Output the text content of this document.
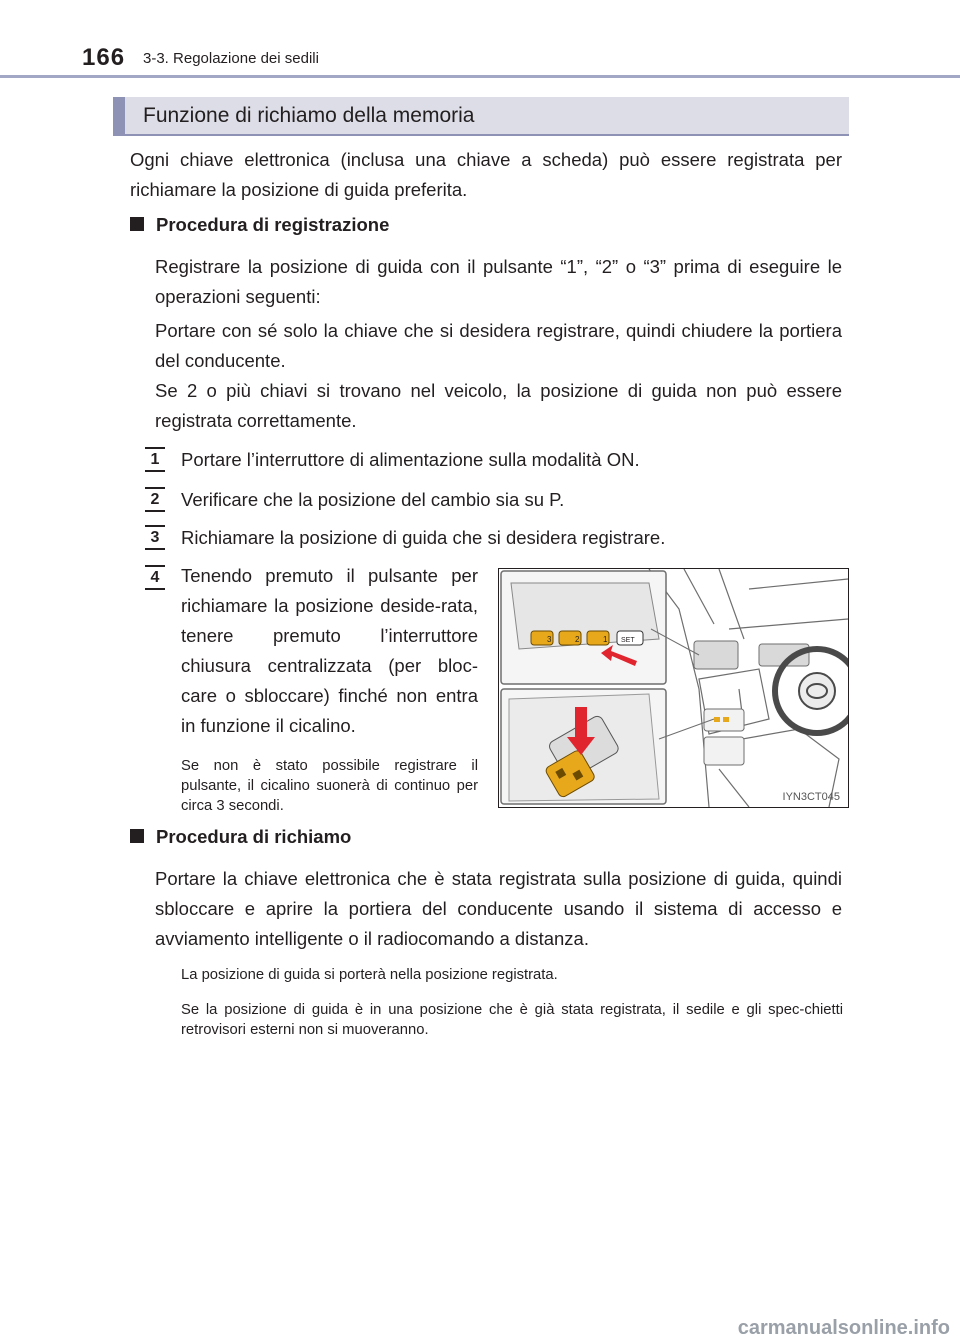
166 3-3. Regolazione dei sedili
Funzione di richiamo della memoria
Ogni chiave elettronica (inclusa una chiave a scheda) può essere registrata per richiamare la posizione di guida preferita.
Procedura di registrazione
Registrare la posizione di guida con il pulsante “1”, “2” o “3” prima di eseguire le operazioni seguenti:
Portare con sé solo la chiave che si desidera registrare, quindi chiudere la portiera del conducente.
Se 2 o più chiavi si trovano nel veicolo, la posizione di guida non può essere registrata correttamente.
1 Portare l’interruttore di alimentazione sulla modalità ON.
2 Verificare che la posizione del cambio sia su P.
3 Richiamare la posizione di guida che si desidera registrare.
4 Tenendo premuto il pulsante per richiamare la posizione deside-rata, tenere premuto l’interruttore chiusura centralizzata (per bloc-care o sbloccare) finché non entra in funzione il cicalino.
Se non è stato possibile registrare il pulsante, il cicalino suonerà di continuo per circa 3 secondi.
3	2	1 SET
IYN3CT045
Procedura di richiamo
Portare la chiave elettronica che è stata registrata sulla posizione di guida, quindi sbloccare e aprire la portiera del conducente usando il sistema di accesso e avviamento intelligente o il radiocomando a distanza.
La posizione di guida si porterà nella posizione registrata.
Se la posizione di guida è in una posizione che è già stata registrata, il sedile e gli spec-chietti retrovisori esterni non si muoveranno.
carmanualsonline.info
